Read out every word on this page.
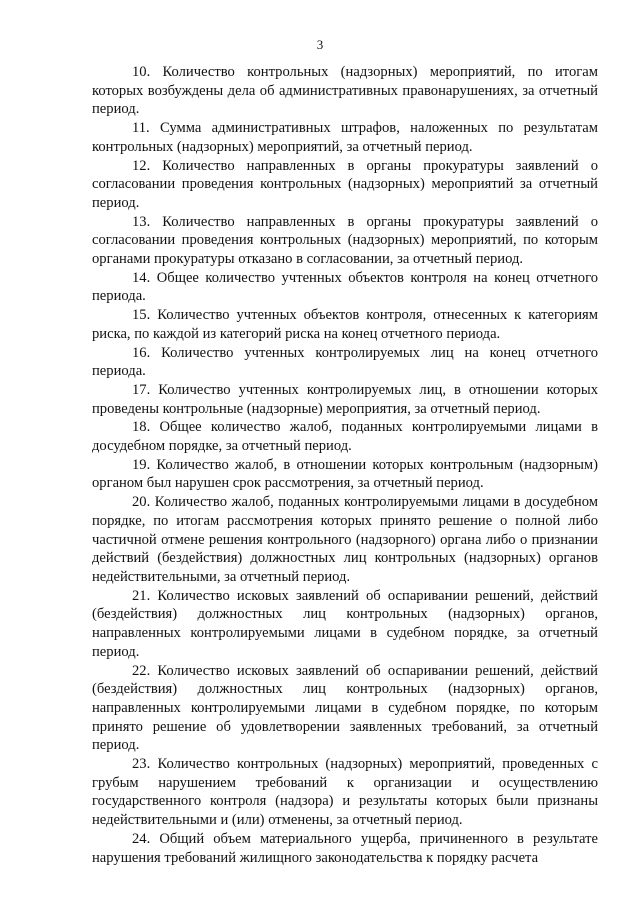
3

10. Количество контрольных (надзорных) мероприятий, по итогам которых возбуждены дела об административных правонарушениях, за отчетный период.

11. Сумма административных штрафов, наложенных по результатам контрольных (надзорных) мероприятий, за отчетный период.

12. Количество направленных в органы прокуратуры заявлений о согласовании проведения контрольных (надзорных) мероприятий за отчетный период.

13. Количество направленных в органы прокуратуры заявлений о согласовании проведения контрольных (надзорных) мероприятий, по которым органами прокуратуры отказано в согласовании, за отчетный период.

14. Общее количество учтенных объектов контроля на конец отчетного периода.

15. Количество учтенных объектов контроля, отнесенных к категориям риска, по каждой из категорий риска на конец отчетного периода.

16. Количество учтенных контролируемых лиц на конец отчетного периода.

17. Количество учтенных контролируемых лиц, в отношении которых проведены контрольные (надзорные) мероприятия, за отчетный период.

18. Общее количество жалоб, поданных контролируемыми лицами в досудебном порядке, за отчетный период.

19. Количество жалоб, в отношении которых контрольным (надзорным) органом был нарушен срок рассмотрения, за отчетный период.

20. Количество жалоб, поданных контролируемыми лицами в досудебном порядке, по итогам рассмотрения которых принято решение о полной либо частичной отмене решения контрольного (надзорного) органа либо о признании действий (бездействия) должностных лиц контрольных (надзорных) органов недействительными, за отчетный период.

21. Количество исковых заявлений об оспаривании решений, действий (бездействия) должностных лиц контрольных (надзорных) органов, направленных контролируемыми лицами в судебном порядке, за отчетный период.

22. Количество исковых заявлений об оспаривании решений, действий (бездействия) должностных лиц контрольных (надзорных) органов, направленных контролируемыми лицами в судебном порядке, по которым принято решение об удовлетворении заявленных требований, за отчетный период.

23. Количество контрольных (надзорных) мероприятий, проведенных с грубым нарушением требований к организации и осуществлению государственного контроля (надзора) и результаты которых были признаны недействительными и (или) отменены, за отчетный период.

24. Общий объем материального ущерба, причиненного в результате нарушения требований жилищного законодательства к порядку расчета
